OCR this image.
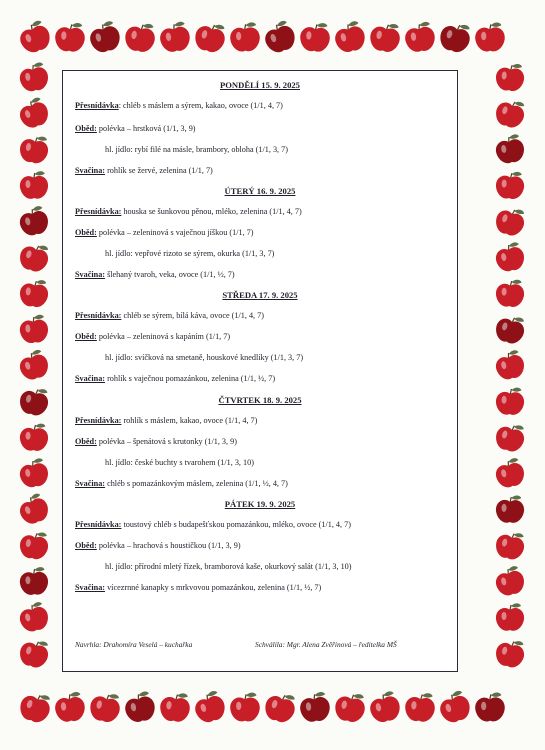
PONDĚLÍ 15. 9. 2025
Přesnídávka: chléb s máslem a sýrem, kakao, ovoce (1/1, 4, 7)
Oběd: polévka – hrstková (1/1, 3, 9)
hl. jídlo: rybí filé na másle, brambory, obloha (1/1, 3, 7)
Svačina: rohlík se žervé, zelenina (1/1, 7)
ÚTERÝ 16. 9. 2025
Přesnídávka: houska se šunkovou pěnou, mléko, zelenina (1/1, 4, 7)
Oběd: polévka – zeleninová s vaječnou jíškou (1/1, 7)
hl. jídlo: vepřové rizoto se sýrem, okurka (1/1, 3, 7)
Svačina: šlehaný tvaroh, veka, ovoce (1/1, ½, 7)
STŘEDA 17. 9. 2025
Přesnídávka: chléb se sýrem, bílá káva, ovoce (1/1, 4, 7)
Oběd: polévka – zeleninová s kapáním (1/1, 7)
hl. jídlo: svíčková na smetaně, houskové knedlíky (1/1, 3, 7)
Svačina: rohlík s vaječnou pomazánkou, zelenina (1/1, ½, 7)
ČTVRTEK 18. 9. 2025
Přesnídávka: rohlík s máslem, kakao, ovoce (1/1, 4, 7)
Oběd: polévka – špenátová s krutonky (1/1, 3, 9)
hl. jídlo: české buchty s tvarohem (1/1, 3, 10)
Svačina: chléb s pomazánkovým máslem, zelenina (1/1, ½, 4, 7)
PÁTEK 19. 9. 2025
Přesnídávka: toustový chléb s budapešťskou pomazánkou, mléko, ovoce (1/1, 4, 7)
Oběd: polévka – hrachová s houstičkou (1/1, 3, 9)
hl. jídlo: přírodní mletý řízek, bramborová kaše, okurkový salát (1/1, 3, 10)
Svačina: vícezrnné kanapky s mrkvovou pomazánkou, zelenina (1/1, ½, 7)
Navrhla: Drahomíra Veselá – kuchařka	Schválila: Mgr. Alena Zvěřinová – ředitelka MŠ
